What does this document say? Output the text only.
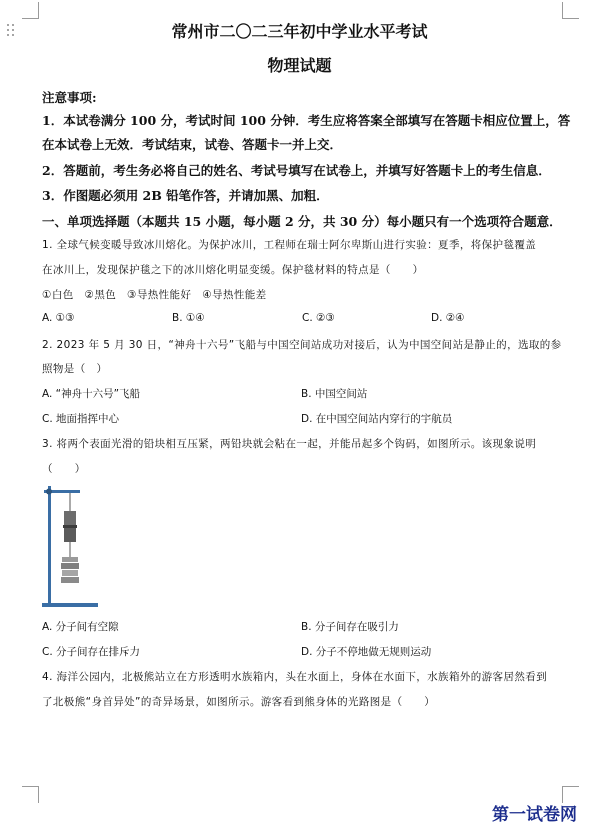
常州市二〇二三年初中学业水平考试
物理试题
注意事项:
1．本试卷满分 100 分，考试时间 100 分钟．考生应将答案全部填写在答题卡相应位置上，答
在本试卷上无效．考试结束，试卷、答题卡一并上交．
2．答题前，考生务必将自己的姓名、考试号填写在试卷上，并填写好答题卡上的考生信息．
3．作图题必须用 2B 铅笔作答，并请加黑、加粗．
一、单项选择题（本题共 15 小题，每小题 2 分，共 30 分）每小题只有一个选项符合题意．
1. 全球气候变暖导致冰川熔化。为保护冰川，工程师在瑞士阿尔卑斯山进行实验：夏季，将保护毯覆盖
在冰川上，发现保护毯之下的冰川熔化明显变缓。保护毯材料的特点是（　　）
①白色　②黑色　③导热性能好　④导热性能差
A. ①③	B. ①④	C. ②③	D. ②④
2. 2023 年 5 月 30 日，“神舟十六号”飞船与中国空间站成功对接后，认为中国空间站是静止的，选取的参
照物是（　）
A. “神舟十六号”飞船	B. 中国空间站
C. 地面指挥中心	D. 在中国空间站内穿行的宇航员
3. 将两个表面光滑的铅块相互压紧，两铅块就会粘在一起，并能吊起多个钩码，如图所示。该现象说明
（　　）
A. 分子间有空隙	B. 分子间存在吸引力
C. 分子间存在排斥力	D. 分子不停地做无规则运动
4. 海洋公园内，北极熊站立在方形透明水族箱内，头在水面上，身体在水面下，水族箱外的游客居然看到
了北极熊“身首异处”的奇异场景，如图所示。游客看到熊身体的光路图是（　　）
第一试卷网
